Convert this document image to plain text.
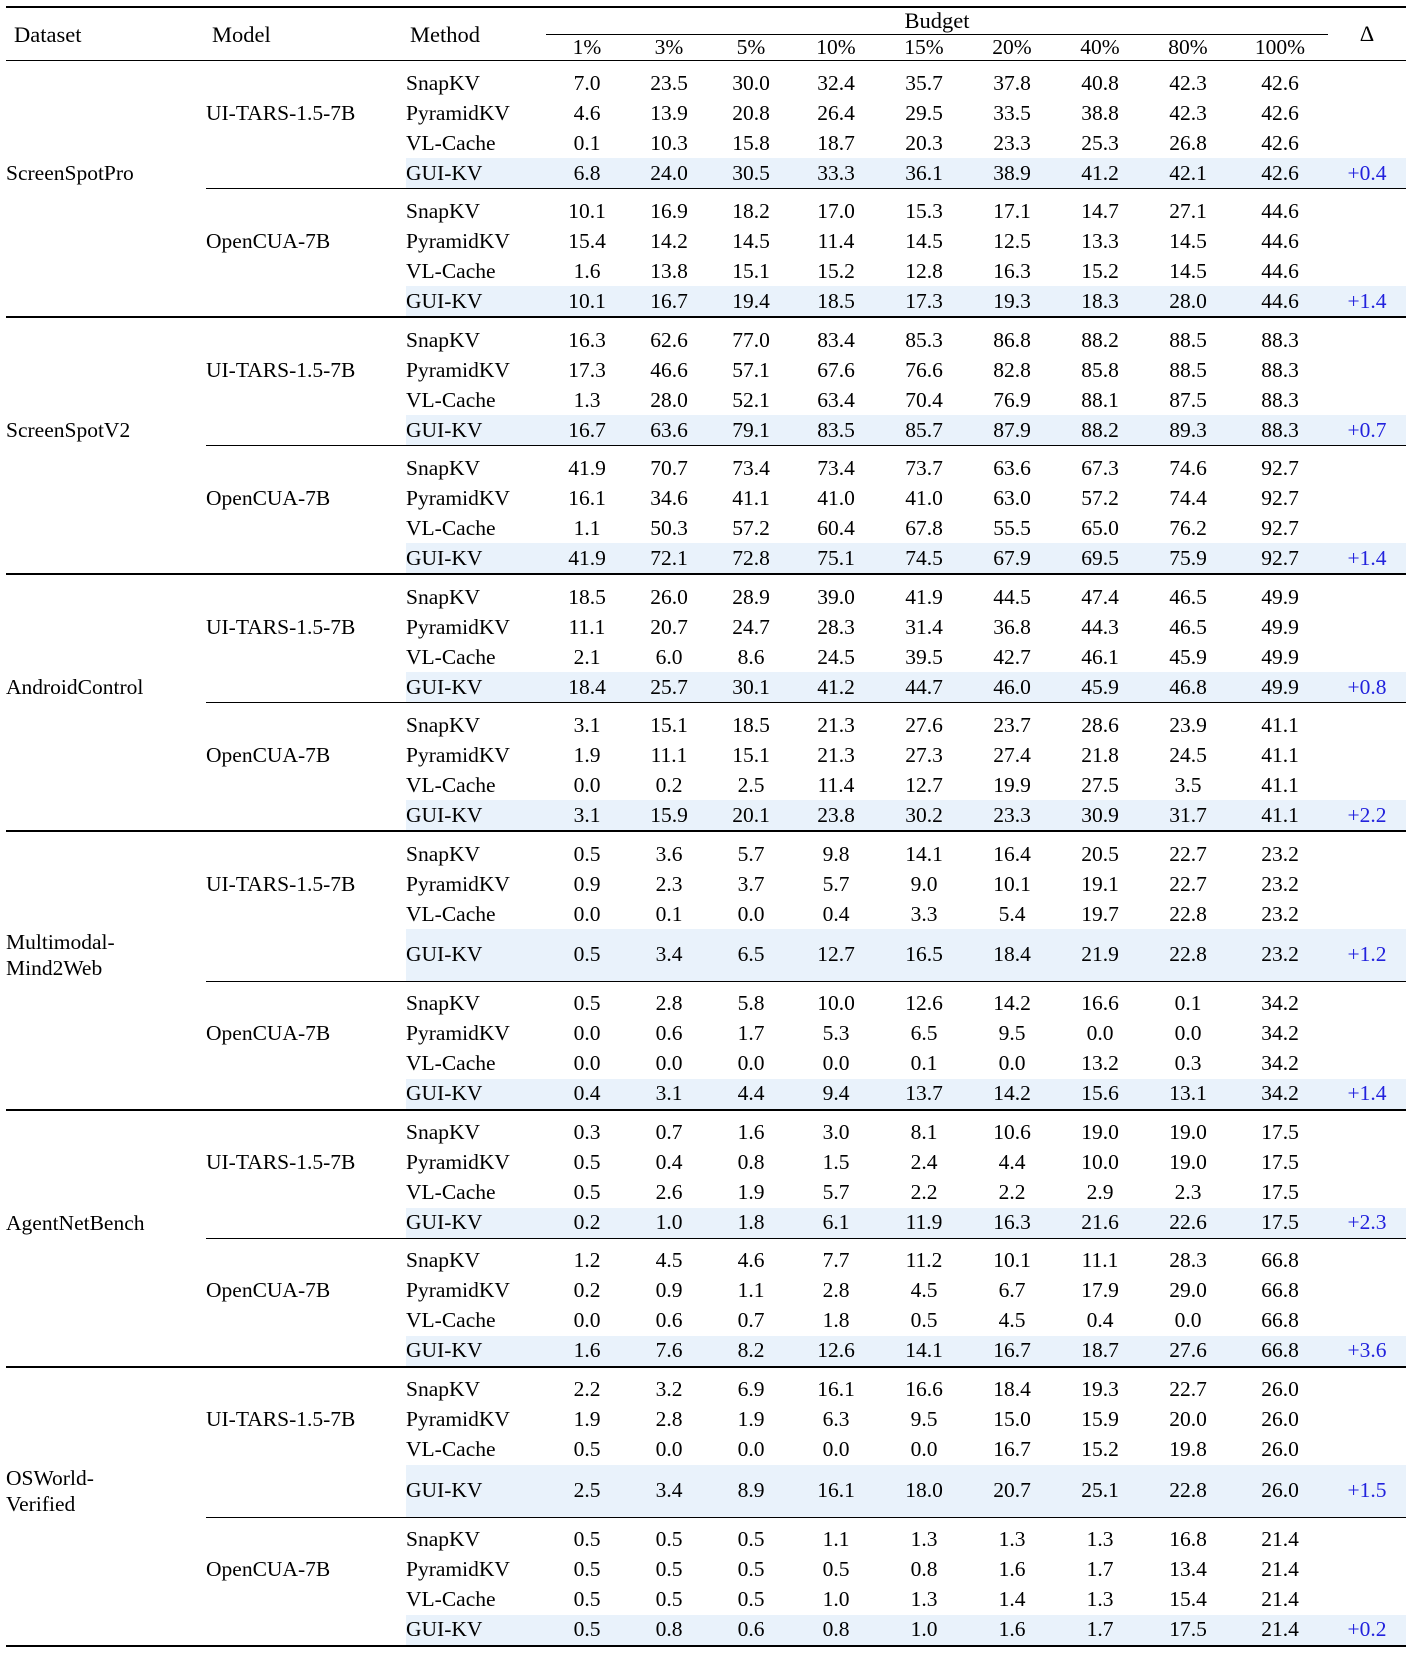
Dataset	Model	Method	Budget									Δ

			1%	3%	5%	10%	15%	20%	40%	80%	100%	

		SnapKV	7.0	23.5	30.0	32.4	35.7	37.8	40.8	42.3	42.6	
	UI-TARS-1.5-7B	PyramidKV	4.6	13.9	20.8	26.4	29.5	33.5	38.8	42.3	42.6	
		VL-Cache	0.1	10.3	15.8	18.7	20.3	23.3	25.3	26.8	42.6	
ScreenSpotPro		GUI-KV	6.8	24.0	30.5	33.3	36.1	38.9	41.2	42.1	42.6	+0.4

		SnapKV	10.1	16.9	18.2	17.0	15.3	17.1	14.7	27.1	44.6	
	OpenCUA-7B	PyramidKV	15.4	14.2	14.5	11.4	14.5	12.5	13.3	14.5	44.6	
		VL-Cache	1.6	13.8	15.1	15.2	12.8	16.3	15.2	14.5	44.6	
		GUI-KV	10.1	16.7	19.4	18.5	17.3	19.3	18.3	28.0	44.6	+1.4

		SnapKV	16.3	62.6	77.0	83.4	85.3	86.8	88.2	88.5	88.3	
	UI-TARS-1.5-7B	PyramidKV	17.3	46.6	57.1	67.6	76.6	82.8	85.8	88.5	88.3	
		VL-Cache	1.3	28.0	52.1	63.4	70.4	76.9	88.1	87.5	88.3	
ScreenSpotV2		GUI-KV	16.7	63.6	79.1	83.5	85.7	87.9	88.2	89.3	88.3	+0.7

		SnapKV	41.9	70.7	73.4	73.4	73.7	63.6	67.3	74.6	92.7	
	OpenCUA-7B	PyramidKV	16.1	34.6	41.1	41.0	41.0	63.0	57.2	74.4	92.7	
		VL-Cache	1.1	50.3	57.2	60.4	67.8	55.5	65.0	76.2	92.7	
		GUI-KV	41.9	72.1	72.8	75.1	74.5	67.9	69.5	75.9	92.7	+1.4

		SnapKV	18.5	26.0	28.9	39.0	41.9	44.5	47.4	46.5	49.9	
	UI-TARS-1.5-7B	PyramidKV	11.1	20.7	24.7	28.3	31.4	36.8	44.3	46.5	49.9	
		VL-Cache	2.1	6.0	8.6	24.5	39.5	42.7	46.1	45.9	49.9	
AndroidControl		GUI-KV	18.4	25.7	30.1	41.2	44.7	46.0	45.9	46.8	49.9	+0.8

		SnapKV	3.1	15.1	18.5	21.3	27.6	23.7	28.6	23.9	41.1	
	OpenCUA-7B	PyramidKV	1.9	11.1	15.1	21.3	27.3	27.4	21.8	24.5	41.1	
		VL-Cache	0.0	0.2	2.5	11.4	12.7	19.9	27.5	3.5	41.1	
		GUI-KV	3.1	15.9	20.1	23.8	30.2	23.3	30.9	31.7	41.1	+2.2

		SnapKV	0.5	3.6	5.7	9.8	14.1	16.4	20.5	22.7	23.2	
	UI-TARS-1.5-7B	PyramidKV	0.9	2.3	3.7	5.7	9.0	10.1	19.1	22.7	23.2	
		VL-Cache	0.0	0.1	0.0	0.4	3.3	5.4	19.7	22.8	23.2	

Multimodal-
Mind2Web		GUI-KV	0.5	3.4	6.5	12.7	16.5	18.4	21.9	22.8	23.2	+1.2

		SnapKV	0.5	2.8	5.8	10.0	12.6	14.2	16.6	0.1	34.2	
	OpenCUA-7B	PyramidKV	0.0	0.6	1.7	5.3	6.5	9.5	0.0	0.0	34.2	
		VL-Cache	0.0	0.0	0.0	0.0	0.1	0.0	13.2	0.3	34.2	
		GUI-KV	0.4	3.1	4.4	9.4	13.7	14.2	15.6	13.1	34.2	+1.4

		SnapKV	0.3	0.7	1.6	3.0	8.1	10.6	19.0	19.0	17.5	
	UI-TARS-1.5-7B	PyramidKV	0.5	0.4	0.8	1.5	2.4	4.4	10.0	19.0	17.5	
		VL-Cache	0.5	2.6	1.9	5.7	2.2	2.2	2.9	2.3	17.5	
AgentNetBench		GUI-KV	0.2	1.0	1.8	6.1	11.9	16.3	21.6	22.6	17.5	+2.3

		SnapKV	1.2	4.5	4.6	7.7	11.2	10.1	11.1	28.3	66.8	
	OpenCUA-7B	PyramidKV	0.2	0.9	1.1	2.8	4.5	6.7	17.9	29.0	66.8	
		VL-Cache	0.0	0.6	0.7	1.8	0.5	4.5	0.4	0.0	66.8	
		GUI-KV	1.6	7.6	8.2	12.6	14.1	16.7	18.7	27.6	66.8	+3.6

		SnapKV	2.2	3.2	6.9	16.1	16.6	18.4	19.3	22.7	26.0	
	UI-TARS-1.5-7B	PyramidKV	1.9	2.8	1.9	6.3	9.5	15.0	15.9	20.0	26.0	
		VL-Cache	0.5	0.0	0.0	0.0	0.0	16.7	15.2	19.8	26.0	

OSWorld-
Verified		GUI-KV	2.5	3.4	8.9	16.1	18.0	20.7	25.1	22.8	26.0	+1.5

		SnapKV	0.5	0.5	0.5	1.1	1.3	1.3	1.3	16.8	21.4	
	OpenCUA-7B	PyramidKV	0.5	0.5	0.5	0.5	0.8	1.6	1.7	13.4	21.4	
		VL-Cache	0.5	0.5	0.5	1.0	1.3	1.4	1.3	15.4	21.4	
		GUI-KV	0.5	0.8	0.6	0.8	1.0	1.6	1.7	17.5	21.4	+0.2
